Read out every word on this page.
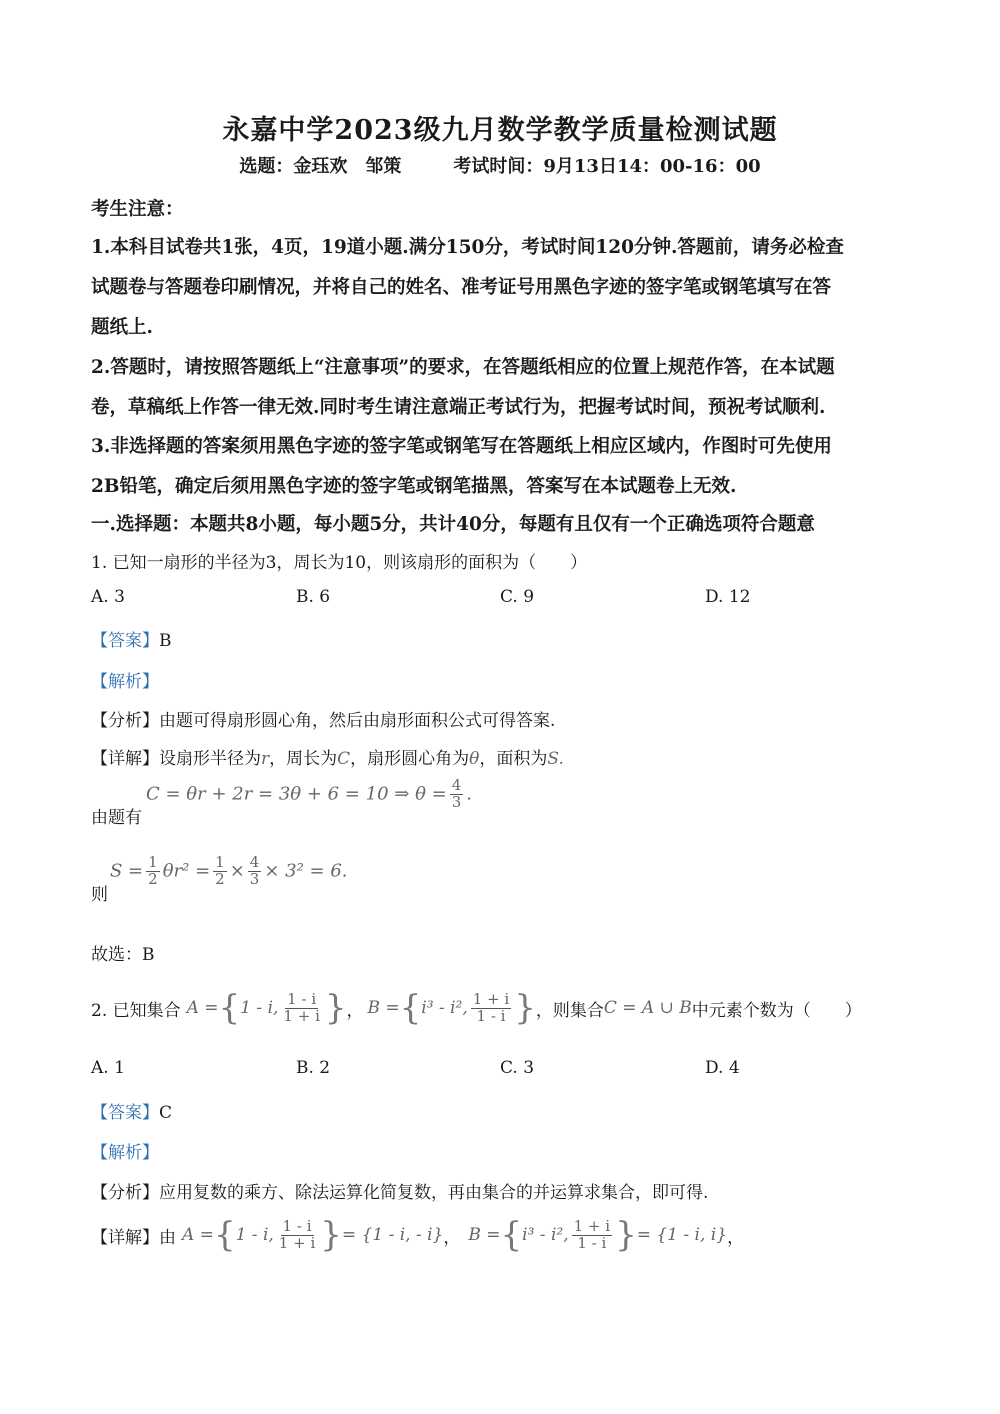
永嘉中学2023级九月数学教学质量检测试题
选题：金珏欢　邹策	考试时间：9月13日14：00-16：00
考生注意：
1.本科目试卷共1张，4页，19道小题.满分150分，考试时间120分钟.答题前，请务必检查
试题卷与答题卷印刷情况，并将自己的姓名、准考证号用黑色字迹的签字笔或钢笔填写在答
题纸上.
2.答题时，请按照答题纸上“注意事项”的要求，在答题纸相应的位置上规范作答，在本试题
卷，草稿纸上作答一律无效.同时考生请注意端正考试行为，把握考试时间，预祝考试顺利.
3.非选择题的答案须用黑色字迹的签字笔或钢笔写在答题纸上相应区域内，作图时可先使用
2B铅笔，确定后须用黑色字迹的签字笔或钢笔描黑，答案写在本试题卷上无效.
一.选择题：本题共8小题，每小题5分，共计40分，每题有且仅有一个正确选项符合题意
1. 已知一扇形的半径为3，周长为10，则该扇形的面积为（　　）
A. 3	B. 6	C. 9	D. 12
【答案】B
【解析】
【分析】由题可得扇形圆心角，然后由扇形面积公式可得答案.
【详解】设扇形半径为r，周长为C，扇形圆心角为θ，面积为S.
由题有
C = θr + 2r = 3θ + 6 = 10 ⇒ $\theta = \frac{4}{3}$ .
则
$S = \frac{1}{2} \theta r^2 = \frac{1}{2} \times \frac{4}{3} \times 3^2 = 6$.
故选：B
2. 已知集合 A = { 1 - i, $\frac{1 - i}{1 + i}$ } ， B = { i³ - i², $\frac{1 + i}{1 - i}$ } ，则集合 C = A ∪ B 中元素个数为（　　）
A. 1	B. 2	C. 3	D. 4
【答案】C
【解析】
【分析】应用复数的乘方、除法运算化简复数，再由集合的并运算求集合，即可得.
【详解】 由 A = { 1 - i, $\frac{1 - i}{1 + i}$ } = {1 - i, - i} ， B = { i³ - i², $\frac{1 + i}{1 - i}$ } = {1 - i, i} ，
